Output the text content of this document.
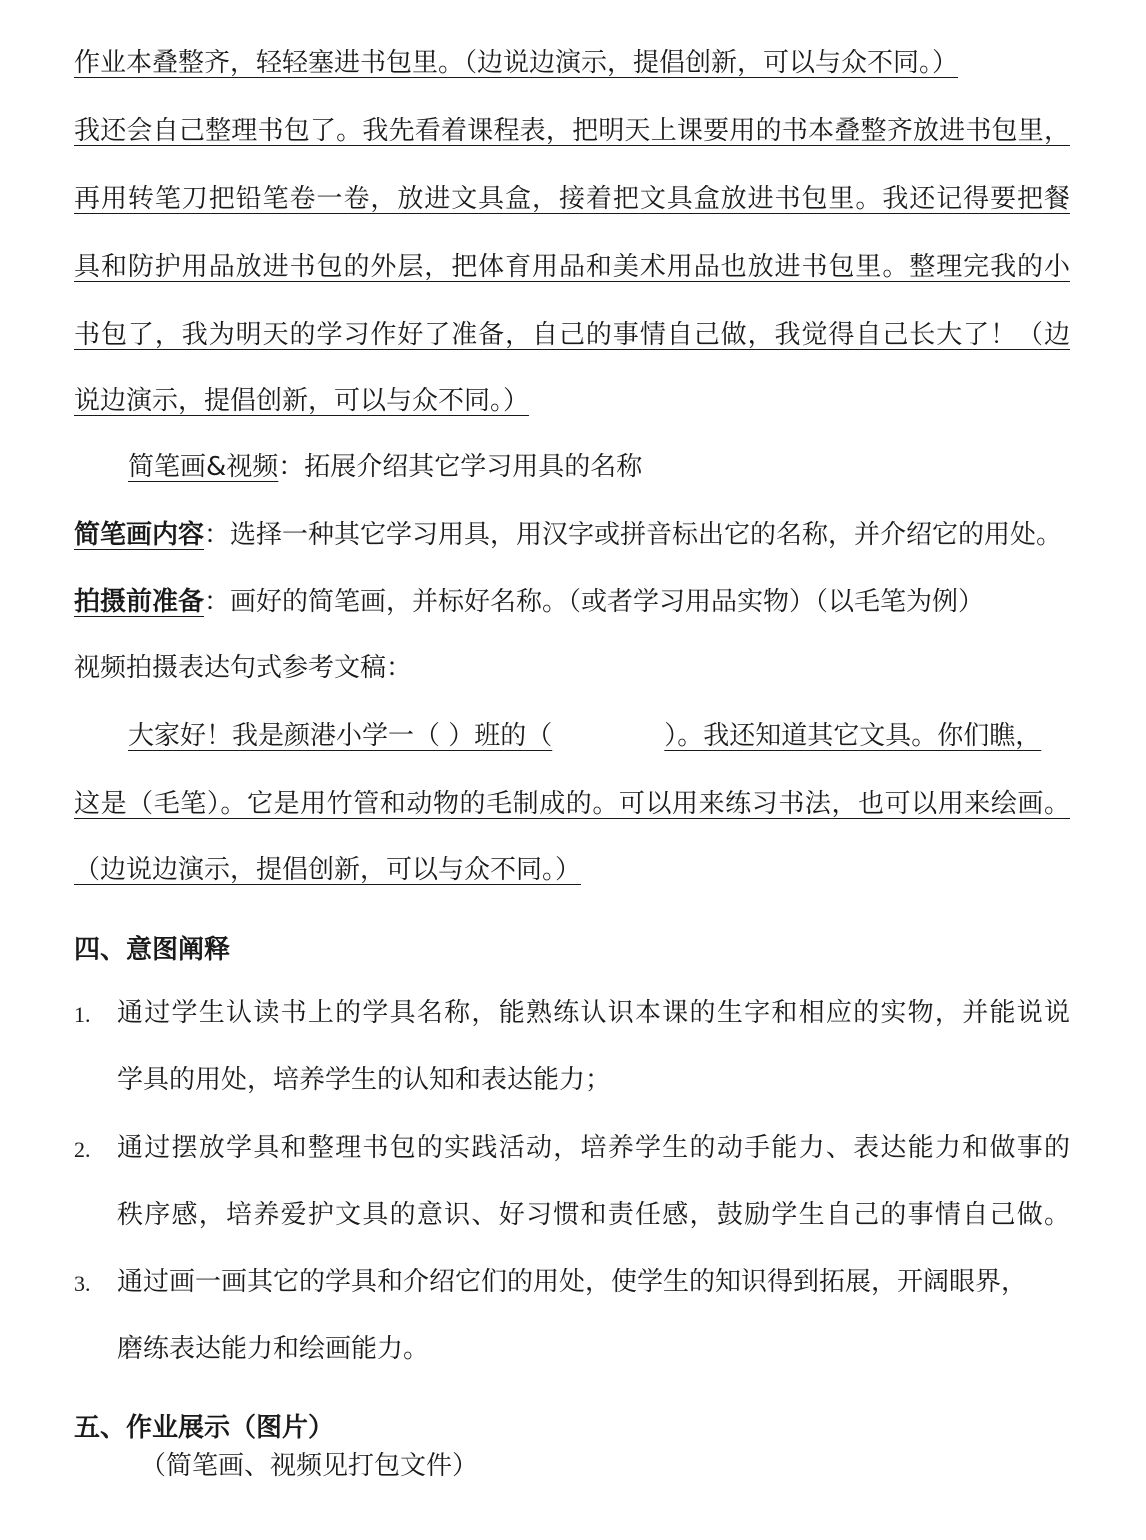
作业本叠整齐，轻轻塞进书包里。（边说边演示，提倡创新，可以与众不同。）
我还会自己整理书包了。我先看着课程表，把明天上课要用的书本叠整齐放进书包里，
再用转笔刀把铅笔卷一卷，放进文具盒，接着把文具盒放进书包里。我还记得要把餐
具和防护用品放进书包的外层，把体育用品和美术用品也放进书包里。整理完我的小
书包了，我为明天的学习作好了准备，自己的事情自己做，我觉得自己长大了！（边
说边演示，提倡创新，可以与众不同。）
简笔画&视频：拓展介绍其它学习用具的名称
简笔画内容：选择一种其它学习用具，用汉字或拼音标出它的名称，并介绍它的用处。
拍摄前准备：画好的简笔画，并标好名称。（或者学习用品实物）（以毛笔为例）
视频拍摄表达句式参考文稿：
大家好！我是颜港小学一（ ）班的（	）。我还知道其它文具。你们瞧，
这是（毛笔）。它是用竹管和动物的毛制成的。可以用来练习书法，也可以用来绘画。
（边说边演示，提倡创新，可以与众不同。）
四、意图阐释
1. 通过学生认读书上的学具名称，能熟练认识本课的生字和相应的实物，并能说说
学具的用处，培养学生的认知和表达能力；
2. 通过摆放学具和整理书包的实践活动，培养学生的动手能力、表达能力和做事的
秩序感，培养爱护文具的意识、好习惯和责任感，鼓励学生自己的事情自己做。
3. 通过画一画其它的学具和介绍它们的用处，使学生的知识得到拓展，开阔眼界，
磨练表达能力和绘画能力。
五、作业展示（图片）
（简笔画、视频见打包文件）
